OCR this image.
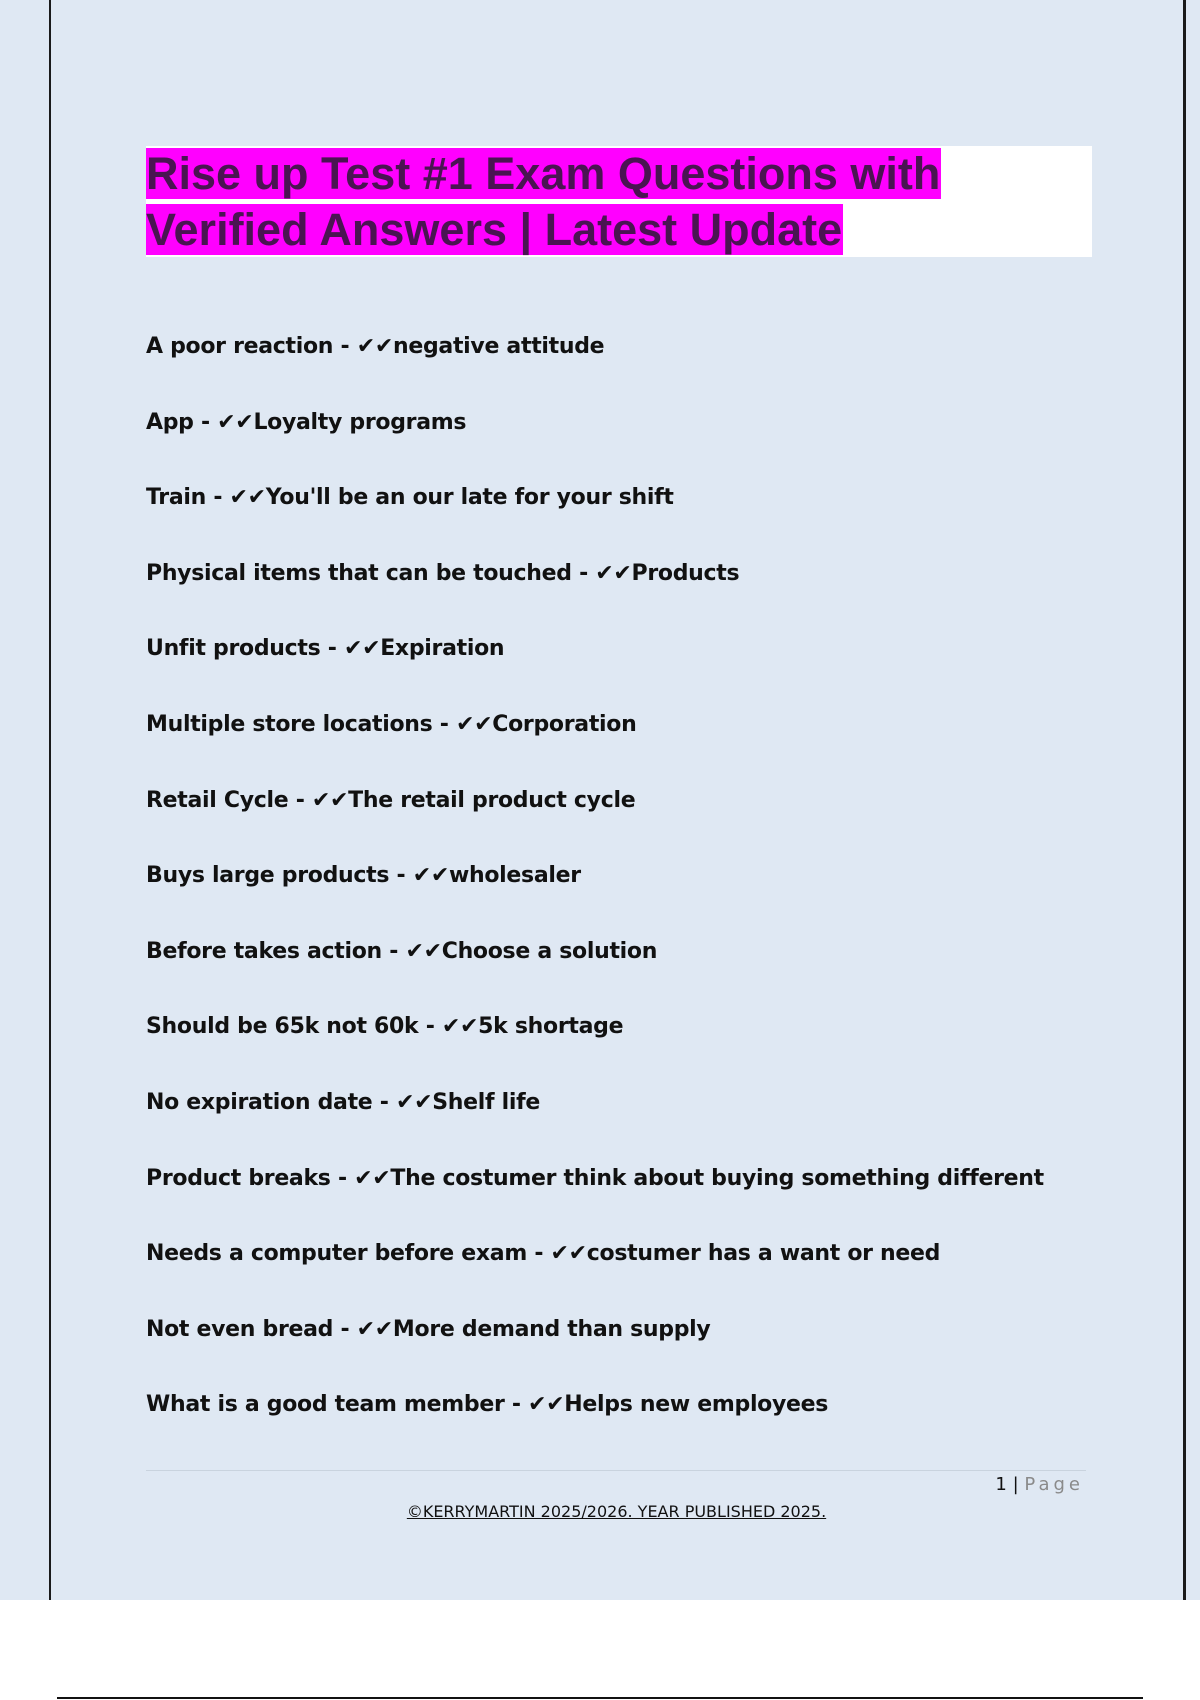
Rise up Test #1 Exam Questions with
Verified Answers | Latest Update
A poor reaction - ✔✔negative attitude
App - ✔✔Loyalty programs
Train - ✔✔You'll be an our late for your shift
Physical items that can be touched - ✔✔Products
Unfit products - ✔✔Expiration
Multiple store locations - ✔✔Corporation
Retail Cycle - ✔✔The retail product cycle
Buys large products - ✔✔wholesaler
Before takes action - ✔✔Choose a solution
Should be 65k not 60k - ✔✔5k shortage
No expiration date - ✔✔Shelf life
Product breaks - ✔✔The costumer think about buying something different
Needs a computer before exam - ✔✔costumer has a want or need
Not even bread - ✔✔More demand than supply
What is a good team member - ✔✔Helps new employees
1 | Page
©KERRYMARTIN 2025/2026. YEAR PUBLISHED 2025.
